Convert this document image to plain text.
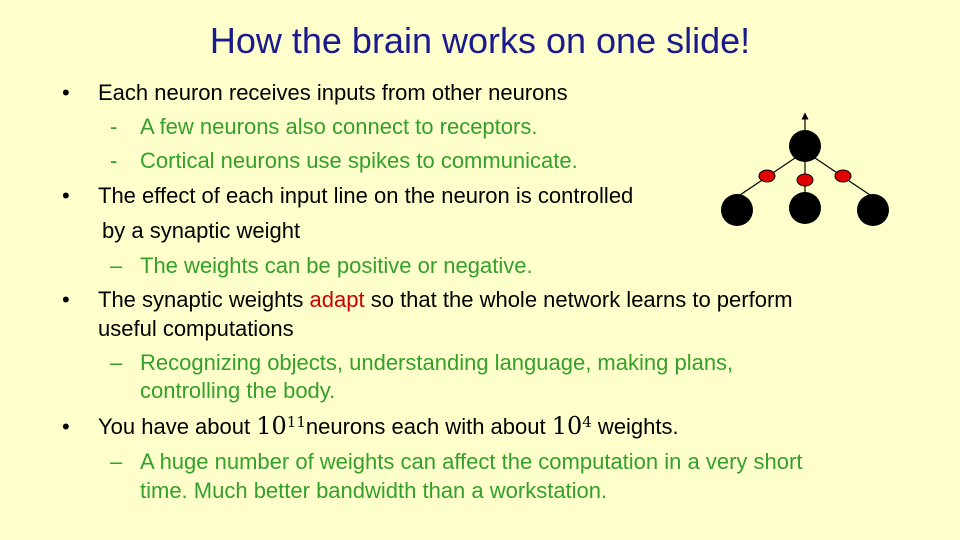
How the brain works on one slide!
• Each neuron receives inputs from other neurons
- A few neurons also connect to receptors.
- Cortical neurons use spikes to communicate.
• The effect of each input line on the neuron is controlled
by a synaptic weight
– The weights can be positive or negative.
• The synaptic weights adapt so that the whole network learns to perform
useful computations
– Recognizing objects, understanding language, making plans,
controlling the body.
• You have about $10^{11}neurons$ each with about $10^4$ weights.
– A huge number of weights can affect the computation in a very short
time. Much better bandwidth than a workstation.
